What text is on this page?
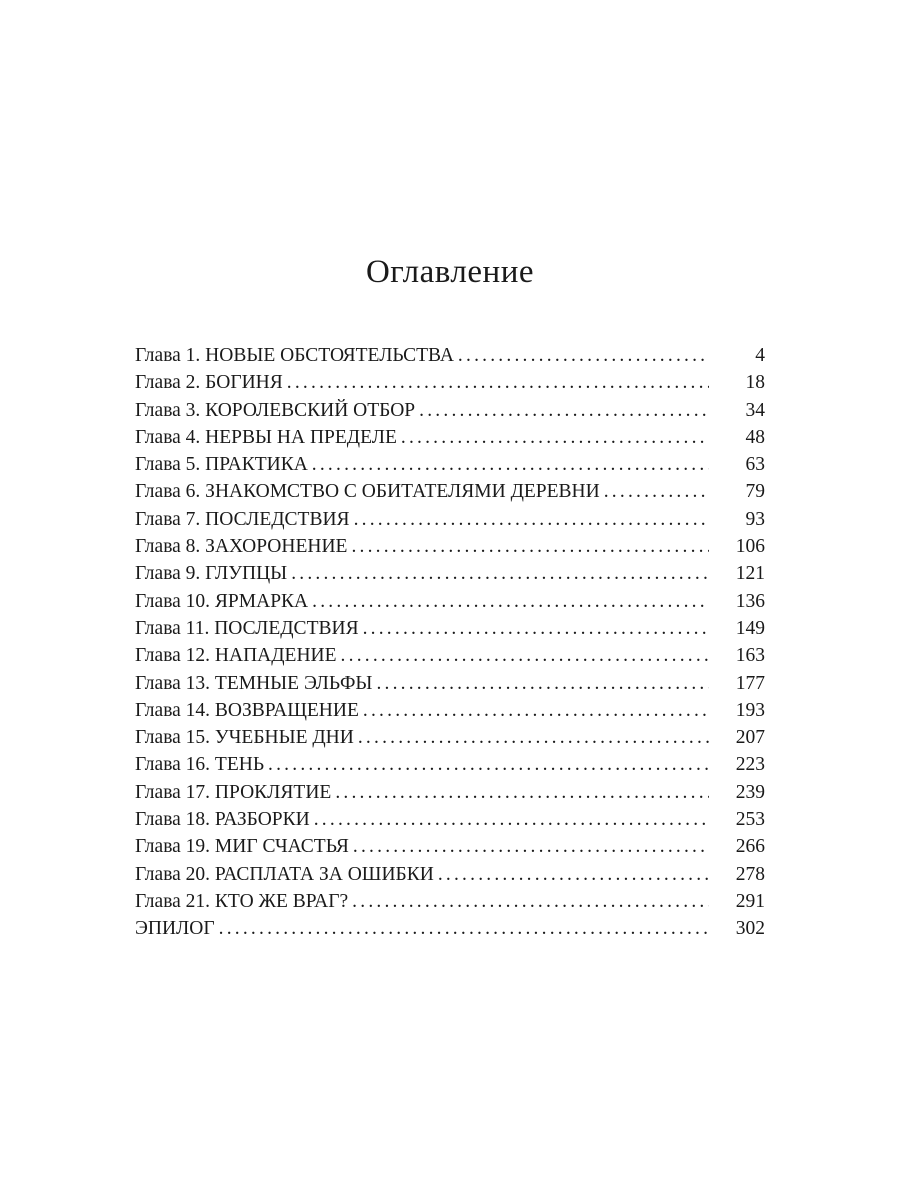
Оглавление
Глава 1. НОВЫЕ ОБСТОЯТЕЛЬСТВА .....	4
Глава 2. БОГИНЯ .....	18
Глава 3. КОРОЛЕВСКИЙ ОТБОР .....	34
Глава 4. НЕРВЫ НА ПРЕДЕЛЕ .....	48
Глава 5. ПРАКТИКА .....	63
Глава 6. ЗНАКОМСТВО С ОБИТАТЕЛЯМИ ДЕРЕВНИ .....	79
Глава 7. ПОСЛЕДСТВИЯ .....	93
Глава 8. ЗАХОРОНЕНИЕ .....	106
Глава 9. ГЛУПЦЫ .....	121
Глава 10. ЯРМАРКА .....	136
Глава 11. ПОСЛЕДСТВИЯ .....	149
Глава 12. НАПАДЕНИЕ .....	163
Глава 13. ТЕМНЫЕ ЭЛЬФЫ .....	177
Глава 14. ВОЗВРАЩЕНИЕ .....	193
Глава 15. УЧЕБНЫЕ ДНИ .....	207
Глава 16. ТЕНЬ .....	223
Глава 17. ПРОКЛЯТИЕ .....	239
Глава 18. РАЗБОРКИ .....	253
Глава 19. МИГ СЧАСТЬЯ .....	266
Глава 20. РАСПЛАТА ЗА ОШИБКИ .....	278
Глава 21. КТО ЖЕ ВРАГ? .....	291
ЭПИЛОГ .....	302
